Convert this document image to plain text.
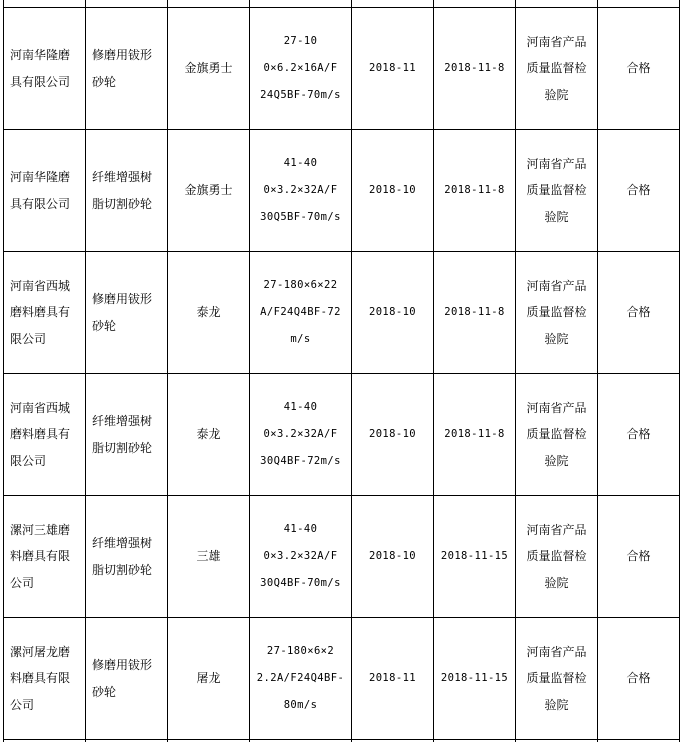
河南华隆磨
具有限公司	修磨用钹形
砂轮	金旗勇士	27-10
0×6.2×16A/F
24Q5BF-70m/s	2018-11	2018-11-8	河南省产品
质量监督检
验院	合格

河南华隆磨
具有限公司	纤维增强树
脂切割砂轮	金旗勇士	41-40
0×3.2×32A/F
30Q5BF-70m/s	2018-10	2018-11-8	河南省产品
质量监督检
验院	合格

河南省西城
磨料磨具有
限公司	修磨用钹形
砂轮	泰龙	27-180×6×22
A/F24Q4BF-72
m/s	2018-10	2018-11-8	河南省产品
质量监督检
验院	合格

河南省西城
磨料磨具有
限公司	纤维增强树
脂切割砂轮	泰龙	41-40
0×3.2×32A/F
30Q4BF-72m/s	2018-10	2018-11-8	河南省产品
质量监督检
验院	合格

漯河三雄磨
料磨具有限
公司	纤维增强树
脂切割砂轮	三雄	41-40
0×3.2×32A/F
30Q4BF-70m/s	2018-10	2018-11-15	河南省产品
质量监督检
验院	合格

漯河屠龙磨
料磨具有限
公司	修磨用钹形
砂轮	屠龙	27-180×6×2
2.2A/F24Q4BF-
80m/s	2018-11	2018-11-15	河南省产品
质量监督检
验院	合格
